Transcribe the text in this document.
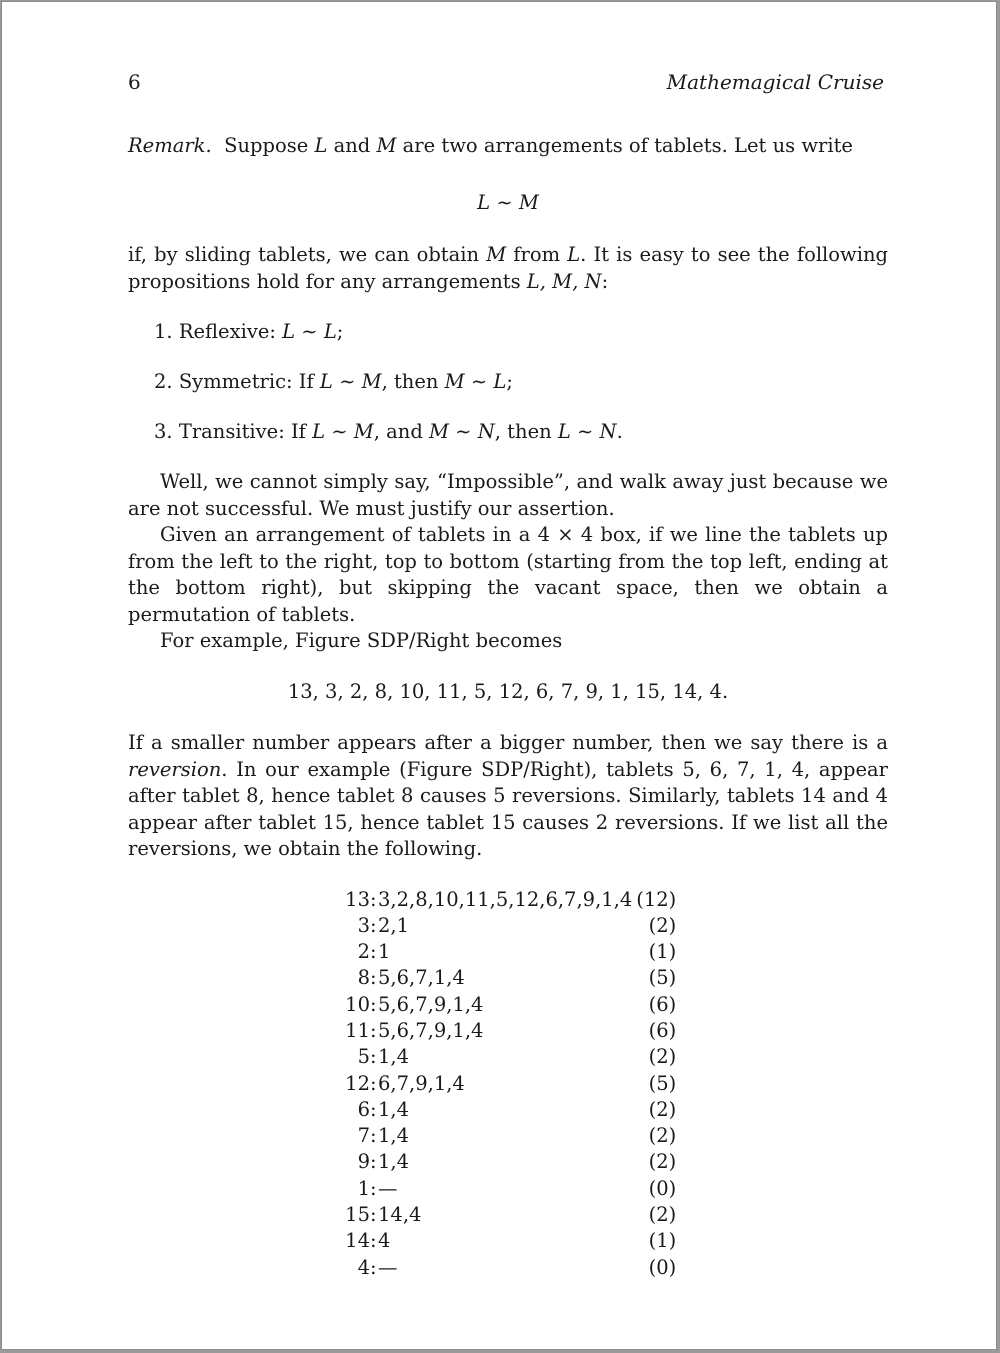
6	Mathemagical Cruise

Remark. Suppose L and M are two arrangements of tablets. Let us write

L ∼ M

if, by sliding tablets, we can obtain M from L. It is easy to see the following propositions hold for any arrangements L, M, N:

1. Reflexive: L ∼ L;
2. Symmetric: If L ∼ M, then M ∼ L;
3. Transitive: If L ∼ M, and M ∼ N, then L ∼ N.

Well, we cannot simply say, “Impossible”, and walk away just because we are not successful. We must justify our assertion.

Given an arrangement of tablets in a 4 × 4 box, if we line the tablets up from the left to the right, top to bottom (starting from the top left, ending at the bottom right), but skipping the vacant space, then we obtain a permutation of tablets.

For example, Figure SDP/Right becomes

13, 3, 2, 8, 10, 11, 5, 12, 6, 7, 9, 1, 15, 14, 4.

If a smaller number appears after a bigger number, then we say there is a reversion. In our example (Figure SDP/Right), tablets 5, 6, 7, 1, 4, appear after tablet 8, hence tablet 8 causes 5 reversions. Similarly, tablets 14 and 4 appear after tablet 15, hence tablet 15 causes 2 reversions. If we list all the reversions, we obtain the following.

13	:	3,2,8,10,11,5,12,6,7,9,1,4	(12)
3	:	2,1	(2)
2	:	1	(1)
8	:	5,6,7,1,4	(5)
10	:	5,6,7,9,1,4	(6)
11	:	5,6,7,9,1,4	(6)
5	:	1,4	(2)
12	:	6,7,9,1,4	(5)
6	:	1,4	(2)
7	:	1,4	(2)
9	:	1,4	(2)
1	:	—	(0)
15	:	14,4	(2)
14	:	4	(1)
4	:	—	(0)
